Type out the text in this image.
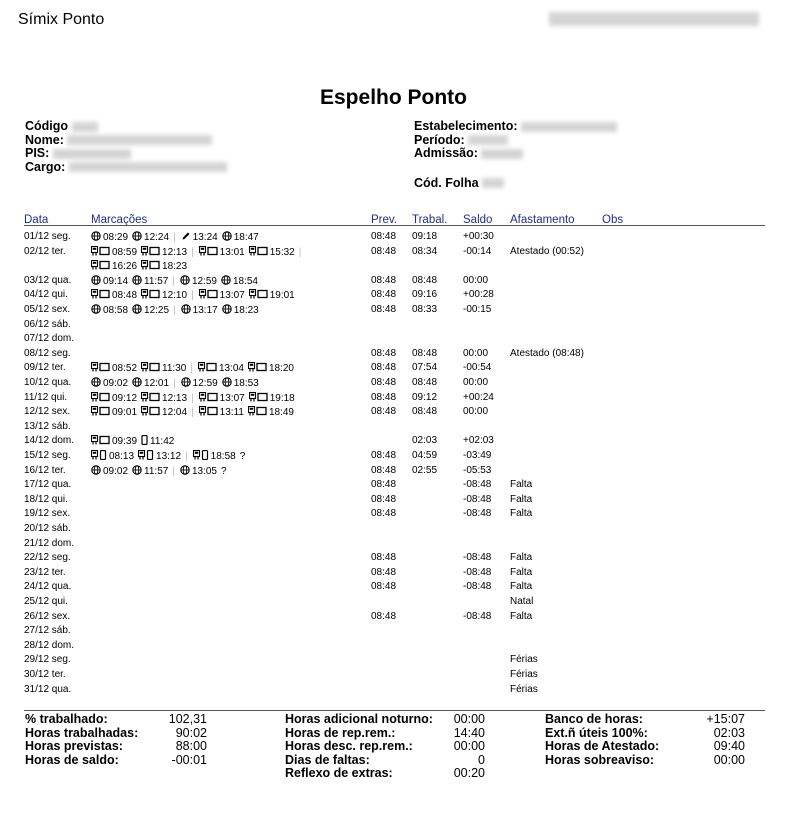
Símix Ponto
Espelho Ponto
Código
Nome:
PIS:
Cargo:
Estabelecimento:
Período:
Admissão:
Cód. Folha
Data	Marcações	Prev. Trabal. Saldo Afastamento Obs
01/12 seg.	08:29 12:24 | 13:24 18:47	08:48 09:18	+00:30
02/12 ter.	08:59	12:13 |	13:01	15:32 |	08:48 08:34	-00:14 Atestado (00:52)
16:26	18:23
03/12 qua.	09:14 11:57 | 12:59 18:54	08:48 08:48	00:00
04/12 qui.	08:48	12:10 |	13:07	19:01	08:48 09:16	+00:28
05/12 sex.	08:58 12:25 | 13:17 18:23	08:48 08:33	-00:15
06/12 sáb.
07/12 dom.
08/12 seg.	08:48 08:48	00:00 Atestado (08:48)
09/12 ter.	08:52	11:30 |	13:04	18:20	08:48 07:54	-00:54
10/12 qua.	09:02 12:01 | 12:59 18:53	08:48 08:48	00:00
11/12 qui.	09:12	12:13 |	13:07	19:18	08:48 09:12	+00:24
12/12 sex.	09:01	12:04 |	13:11	18:49	08:48 08:48	00:00
13/12 sáb.
14/12 dom.	09:39 11:42	02:03	+02:03
15/12 seg.	08:13 13:12 | 18:58 ?	08:48 04:59	-03:49
16/12 ter.	09:02 11:57 | 13:05 ?	08:48 02:55	-05:53
17/12 qua.	08:48	-08:48 Falta
18/12 qui.	08:48	-08:48 Falta
19/12 sex.	08:48	-08:48 Falta
20/12 sáb.
21/12 dom.
22/12 seg.	08:48	-08:48 Falta
23/12 ter.	08:48	-08:48 Falta
24/12 qua.	08:48	-08:48 Falta
25/12 qui.	Natal
26/12 sex.	08:48	-08:48 Falta
27/12 sáb.
28/12 dom.
29/12 seg.	Férias
30/12 ter.	Férias
31/12 qua.	Férias
% trabalhado:	102,31
Horas trabalhadas:	90:02
Horas previstas:	88:00
Horas de saldo:	-00:01
Horas adicional noturno: 00:00
Horas de rep.rem.:	14:40
Horas desc. rep.rem.:	00:00
Dias de faltas:	0
Reflexo de extras:	00:20
Banco de horas:	+15:07
Ext.ñ úteis 100%:	02:03
Horas de Atestado:	09:40
Horas sobreaviso:	00:00
